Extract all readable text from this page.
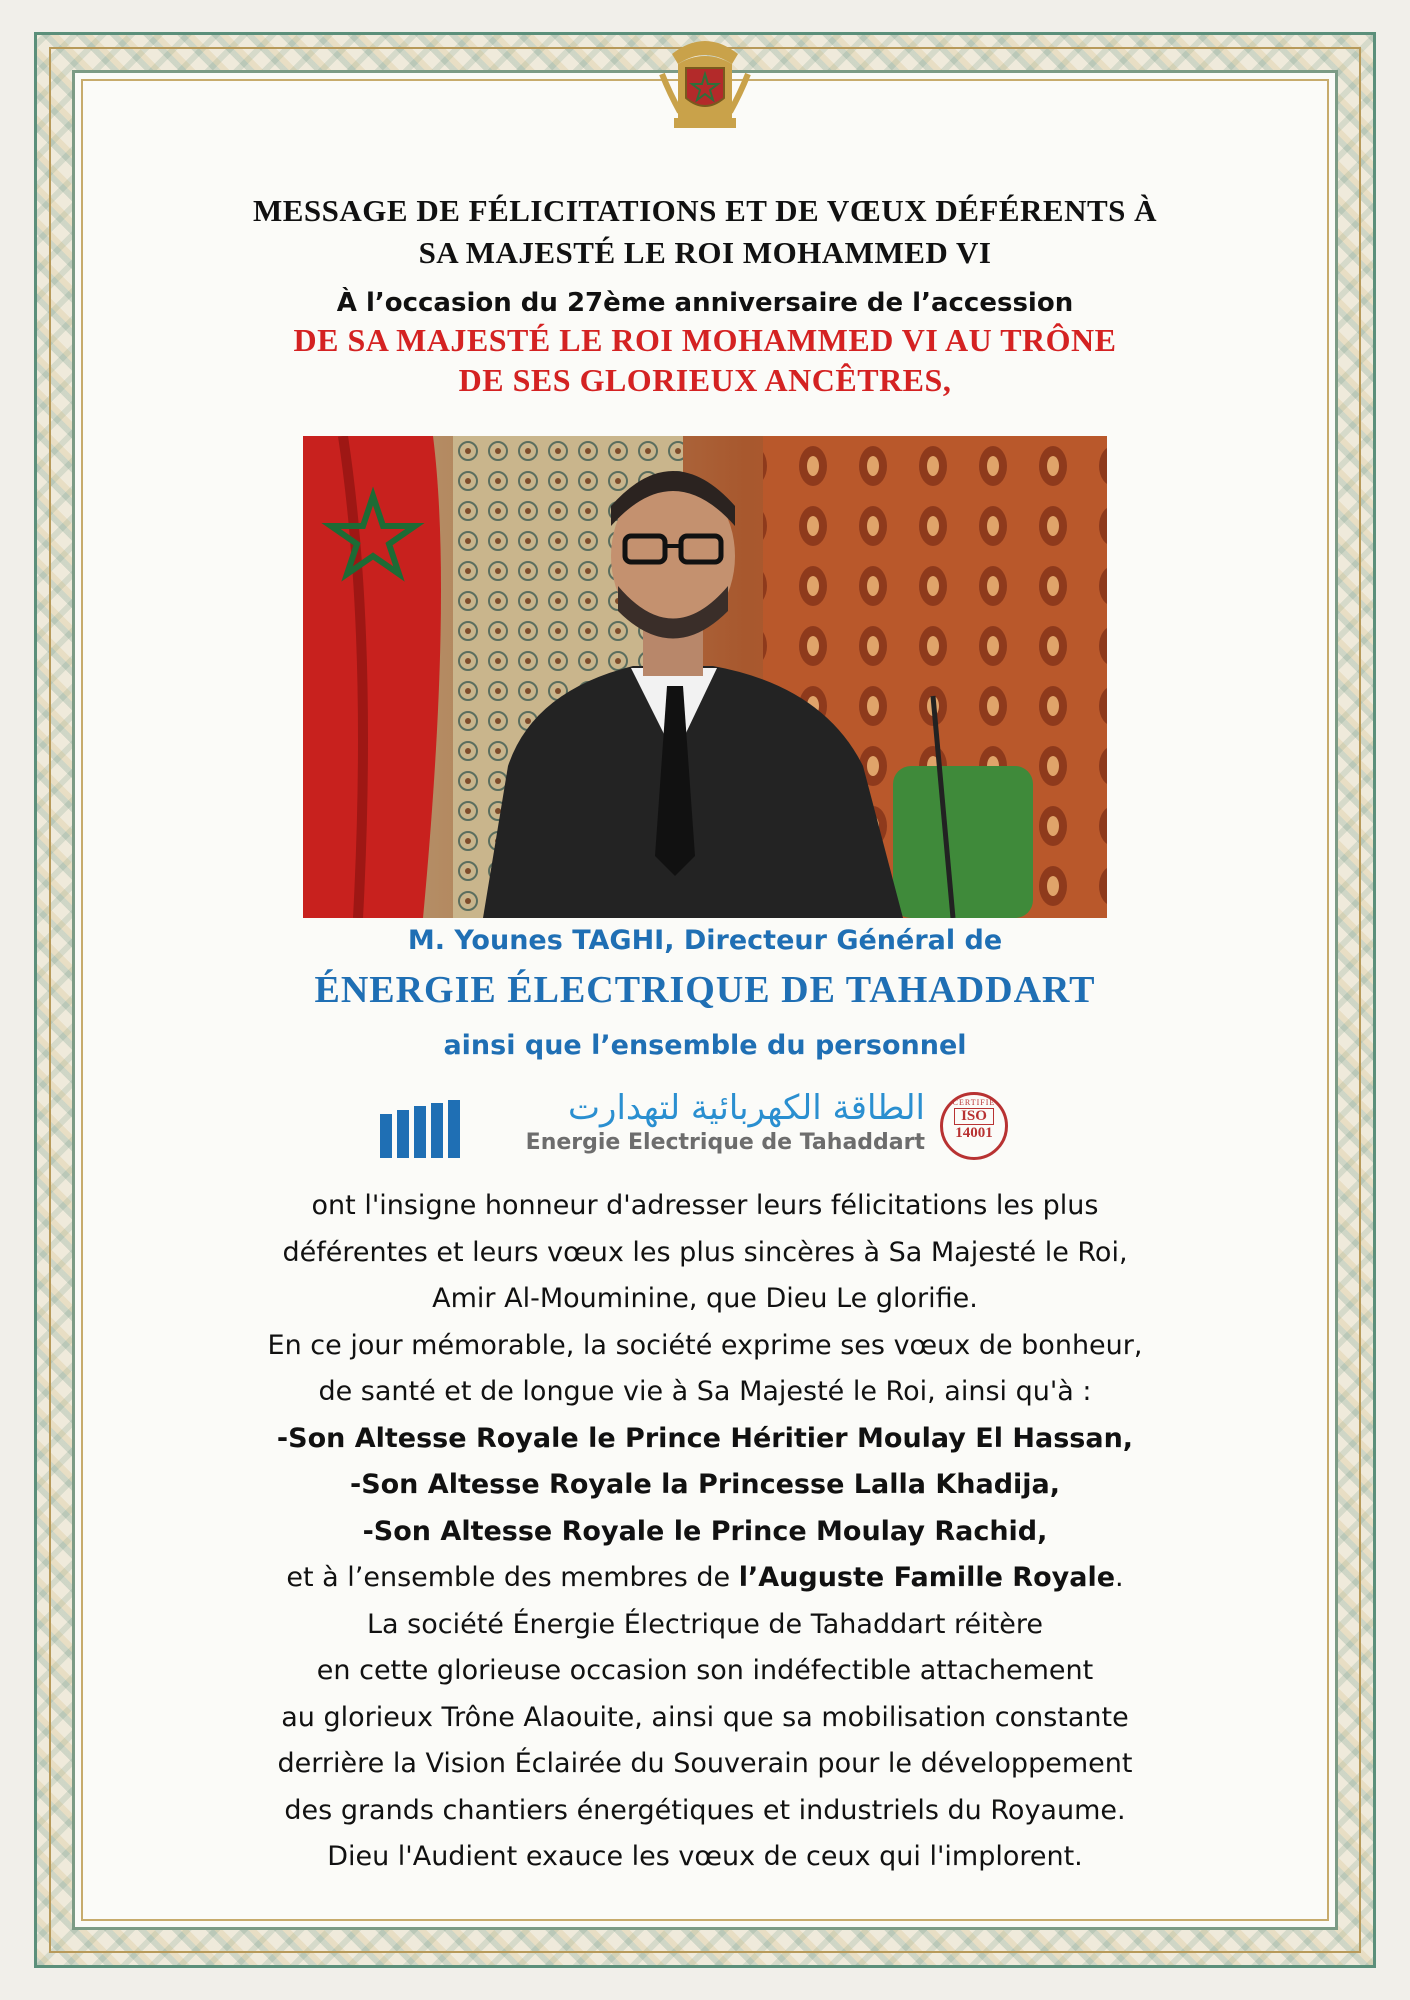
MESSAGE DE FÉLICITATIONS ET DE VŒUX DÉFÉRENTS À
SA MAJESTÉ LE ROI MOHAMMED VI
À l’occasion du 27ème anniversaire de l’accession
DE SA MAJESTÉ LE ROI MOHAMMED VI AU TRÔNE
DE SES GLORIEUX ANCÊTRES,
M. Younes TAGHI, Directeur Général de
ÉNERGIE ÉLECTRIQUE DE TAHADDART
ainsi que l’ensemble du personnel
الطاقة الكهربائية لتهدارت
Energie Electrique de Tahaddart
CERTIFIE
ISO
14001
ont l'insigne honneur d'adresser leurs félicitations les plus
déférentes et leurs vœux les plus sincères à Sa Majesté le Roi,
Amir Al-Mouminine, que Dieu Le glorifie.
En ce jour mémorable, la société exprime ses vœux de bonheur,
de santé et de longue vie à Sa Majesté le Roi, ainsi qu'à :
-Son Altesse Royale le Prince Héritier Moulay El Hassan,
-Son Altesse Royale la Princesse Lalla Khadija,
-Son Altesse Royale le Prince Moulay Rachid,
et à l’ensemble des membres de l’Auguste Famille Royale.
La société Énergie Électrique de Tahaddart réitère
en cette glorieuse occasion son indéfectible attachement
au glorieux Trône Alaouite, ainsi que sa mobilisation constante
derrière la Vision Éclairée du Souverain pour le développement
des grands chantiers énergétiques et industriels du Royaume.
Dieu l'Audient exauce les vœux de ceux qui l'implorent.
